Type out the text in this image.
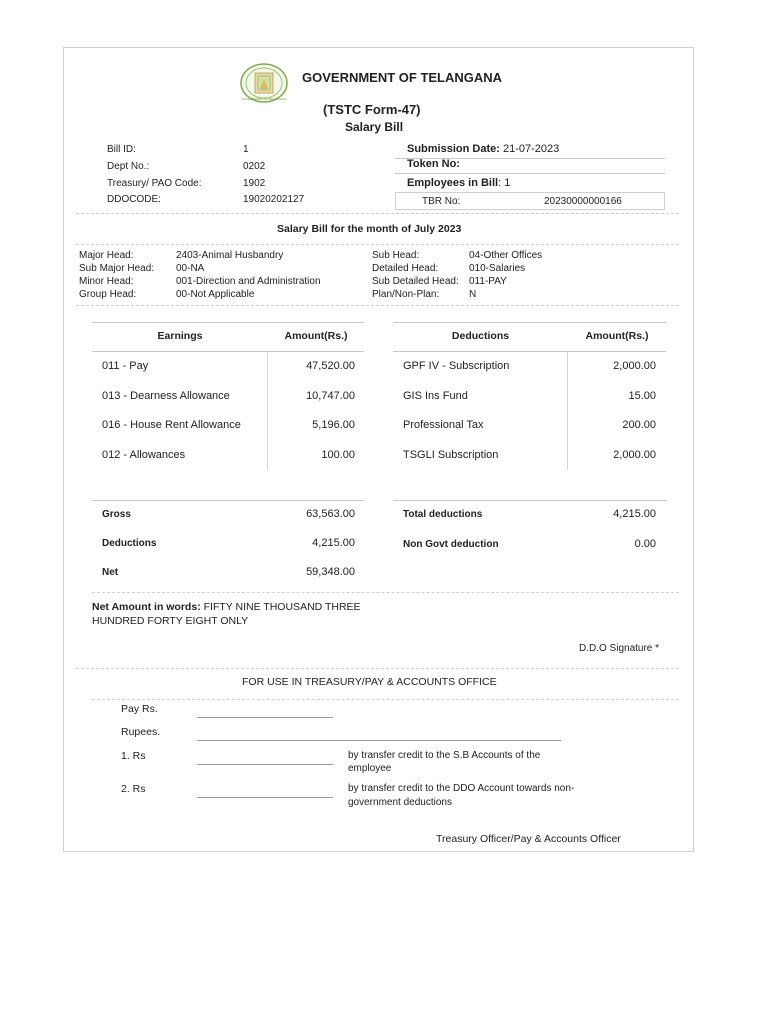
GOVERNMENT OF TELANGANA
GOVERNMENT OF TELANGANA
(TSTC Form-47)
Salary Bill
Bill ID:	1
Dept No.:	0202
Treasury/ PAO Code:	1902
DDOCODE:	19020202127
Submission Date: 21-07-2023
Token No:
Employees in Bill: 1
TBR No:	20230000000166
Salary Bill for the month of July 2023
Major Head:	2403-Animal Husbandry
Sub Major Head: 00-NA
Minor Head:	001-Direction and Administration
Group Head:	00-Not Applicable
Sub Head:	04-Other Offices
Detailed Head:	010-Salaries
Sub Detailed Head: 011-PAY
Plan/Non-Plan:	N
Earnings	Amount(Rs.)
011 - Pay	47,520.00
013 - Dearness Allowance	10,747.00
016 - House Rent Allowance	5,196.00
012 - Allowances	100.00
Deductions	Amount(Rs.)
GPF IV - Subscription	2,000.00
GIS Ins Fund	15.00
Professional Tax	200.00
TSGLI Subscription	2,000.00
Gross	63,563.00
Deductions	4,215.00
Net	59,348.00
Total deductions	4,215.00
Non Govt deduction	0.00
Net Amount in words: FIFTY NINE THOUSAND THREE
HUNDRED FORTY EIGHT ONLY
D.D.O Signature *
FOR USE IN TREASURY/PAY & ACCOUNTS OFFICE
Pay Rs.
Rupees.
1. Rs	by transfer credit to the S.B Accounts of the
employee
2. Rs	by transfer credit to the DDO Account towards non-
government deductions
Treasury Officer/Pay & Accounts Officer
